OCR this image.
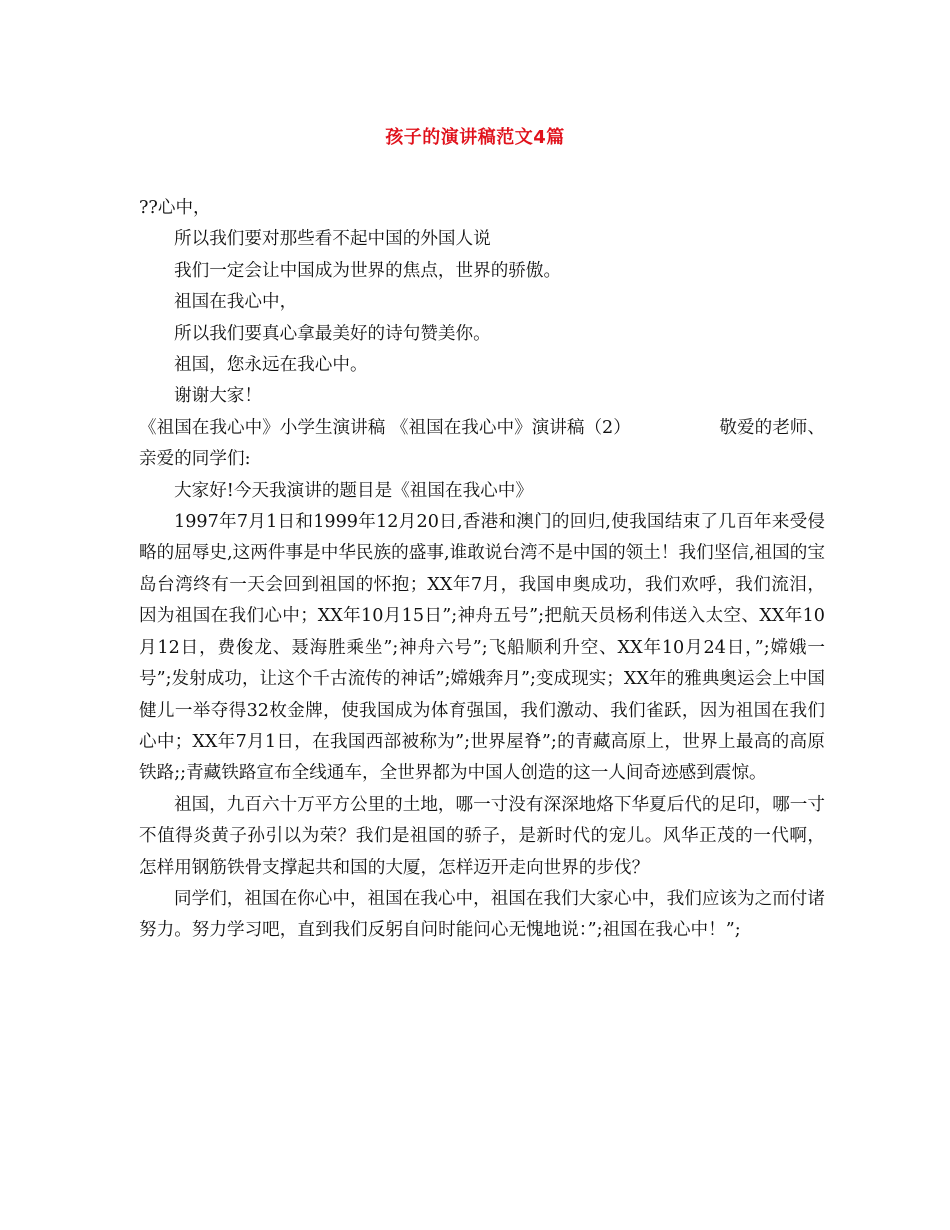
孩子的演讲稿范文4篇
??心中，
所以我们要对那些看不起中国的外国人说
我们一定会让中国成为世界的焦点，世界的骄傲。
祖国在我心中，
所以我们要真心拿最美好的诗句赞美你。
祖国，您永远在我心中。
谢谢大家！
《祖国在我心中》小学生演讲稿 《祖国在我心中》演讲稿（2）	敬爱的老师、
亲爱的同学们:
大家好!今天我演讲的题目是《祖国在我心中》

1997年7月1日和1999年12月20日,香港和澳门的回归,使我国结束了几百年来受侵略的屈辱史,这两件事是中华民族的盛事,谁敢说台湾不是中国的领土！我们坚信,祖国的宝岛台湾终有一天会回到祖国的怀抱；XX年7月，我国申奥成功，我们欢呼，我们流泪，因为祖国在我们心中；XX年10月15日”;神舟五号”;把航天员杨利伟送入太空、XX年10月12日，费俊龙、聂海胜乘坐”;神舟六号”;飞船顺利升空、XX年10月24日，”;嫦娥一号”;发射成功，让这个千古流传的神话”;嫦娥奔月”;变成现实；XX年的雅典奥运会上中国健儿一举夺得32枚金牌，使我国成为体育强国，我们激动、我们雀跃，因为祖国在我们心中；XX年7月1日，在我国西部被称为”;世界屋脊”;的青藏高原上，世界上最高的高原铁路;;青藏铁路宣布全线通车，全世界都为中国人创造的这一人间奇迹感到震惊。

祖国，九百六十万平方公里的土地，哪一寸没有深深地烙下华夏后代的足印，哪一寸不值得炎黄子孙引以为荣？我们是祖国的骄子，是新时代的宠儿。风华正茂的一代啊，怎样用钢筋铁骨支撑起共和国的大厦，怎样迈开走向世界的步伐？

同学们，祖国在你心中，祖国在我心中，祖国在我们大家心中，我们应该为之而付诸努力。努力学习吧，直到我们反躬自问时能问心无愧地说：”;祖国在我心中！”;
